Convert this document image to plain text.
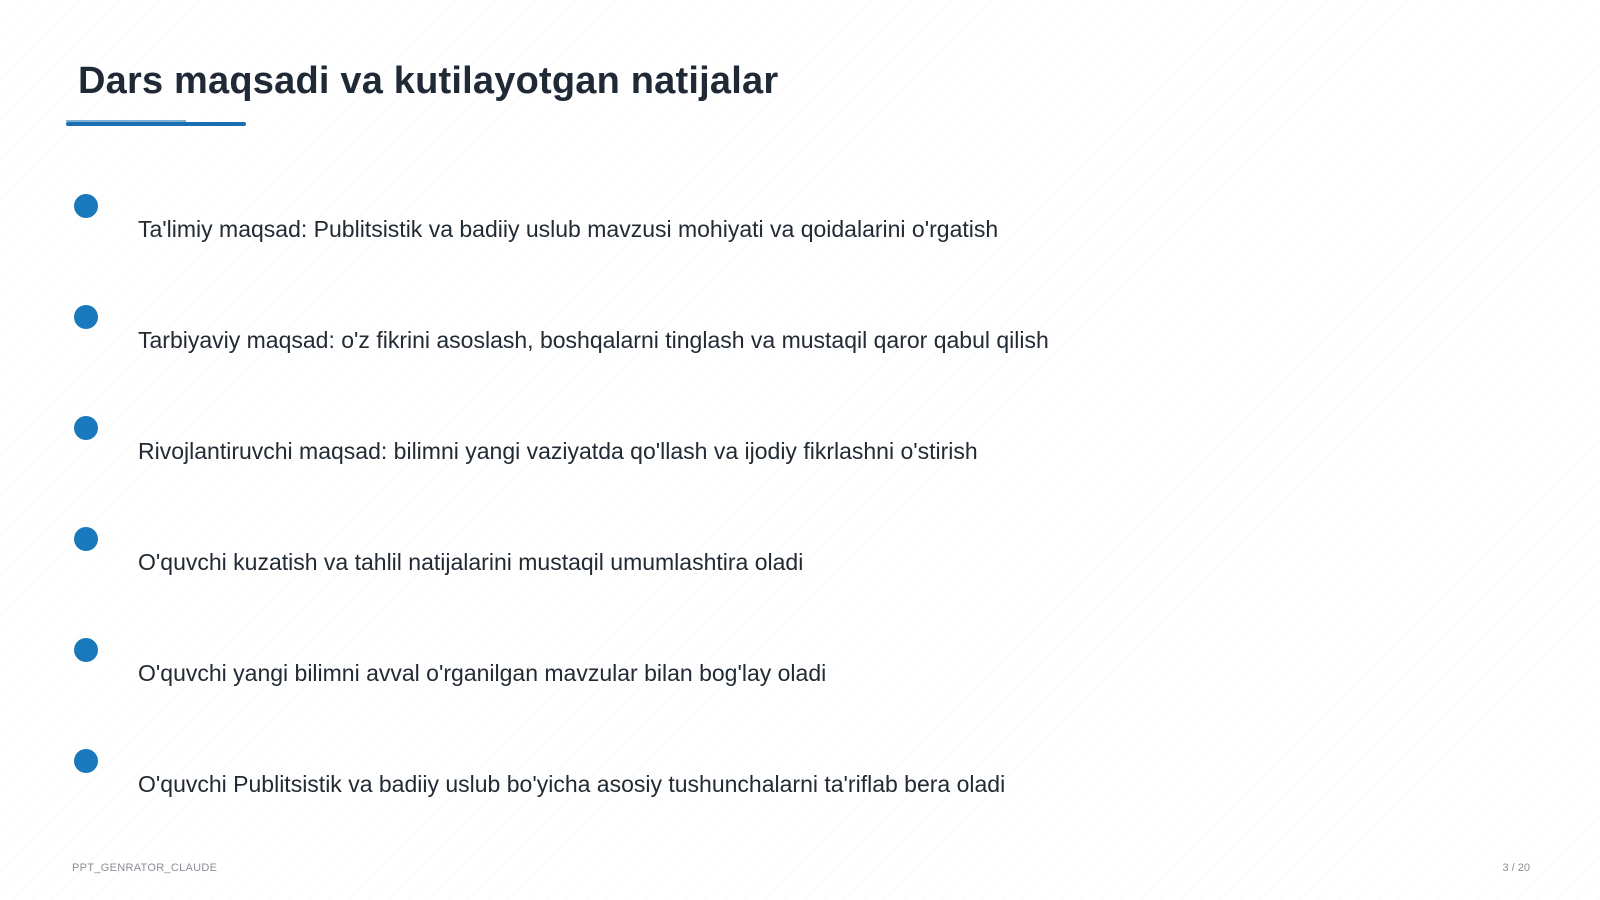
Dars maqsadi va kutilayotgan natijalar
Ta'limiy maqsad: Publitsistik va badiiy uslub mavzusi mohiyati va qoidalarini o'rgatish
Tarbiyaviy maqsad: o'z fikrini asoslash, boshqalarni tinglash va mustaqil qaror qabul qilish
Rivojlantiruvchi maqsad: bilimni yangi vaziyatda qo'llash va ijodiy fikrlashni o'stirish
O'quvchi kuzatish va tahlil natijalarini mustaqil umumlashtira oladi
O'quvchi yangi bilimni avval o'rganilgan mavzular bilan bog'lay oladi
O'quvchi Publitsistik va badiiy uslub bo'yicha asosiy tushunchalarni ta'riflab bera oladi
PPT_GENRATOR_CLAUDE	3 / 20
